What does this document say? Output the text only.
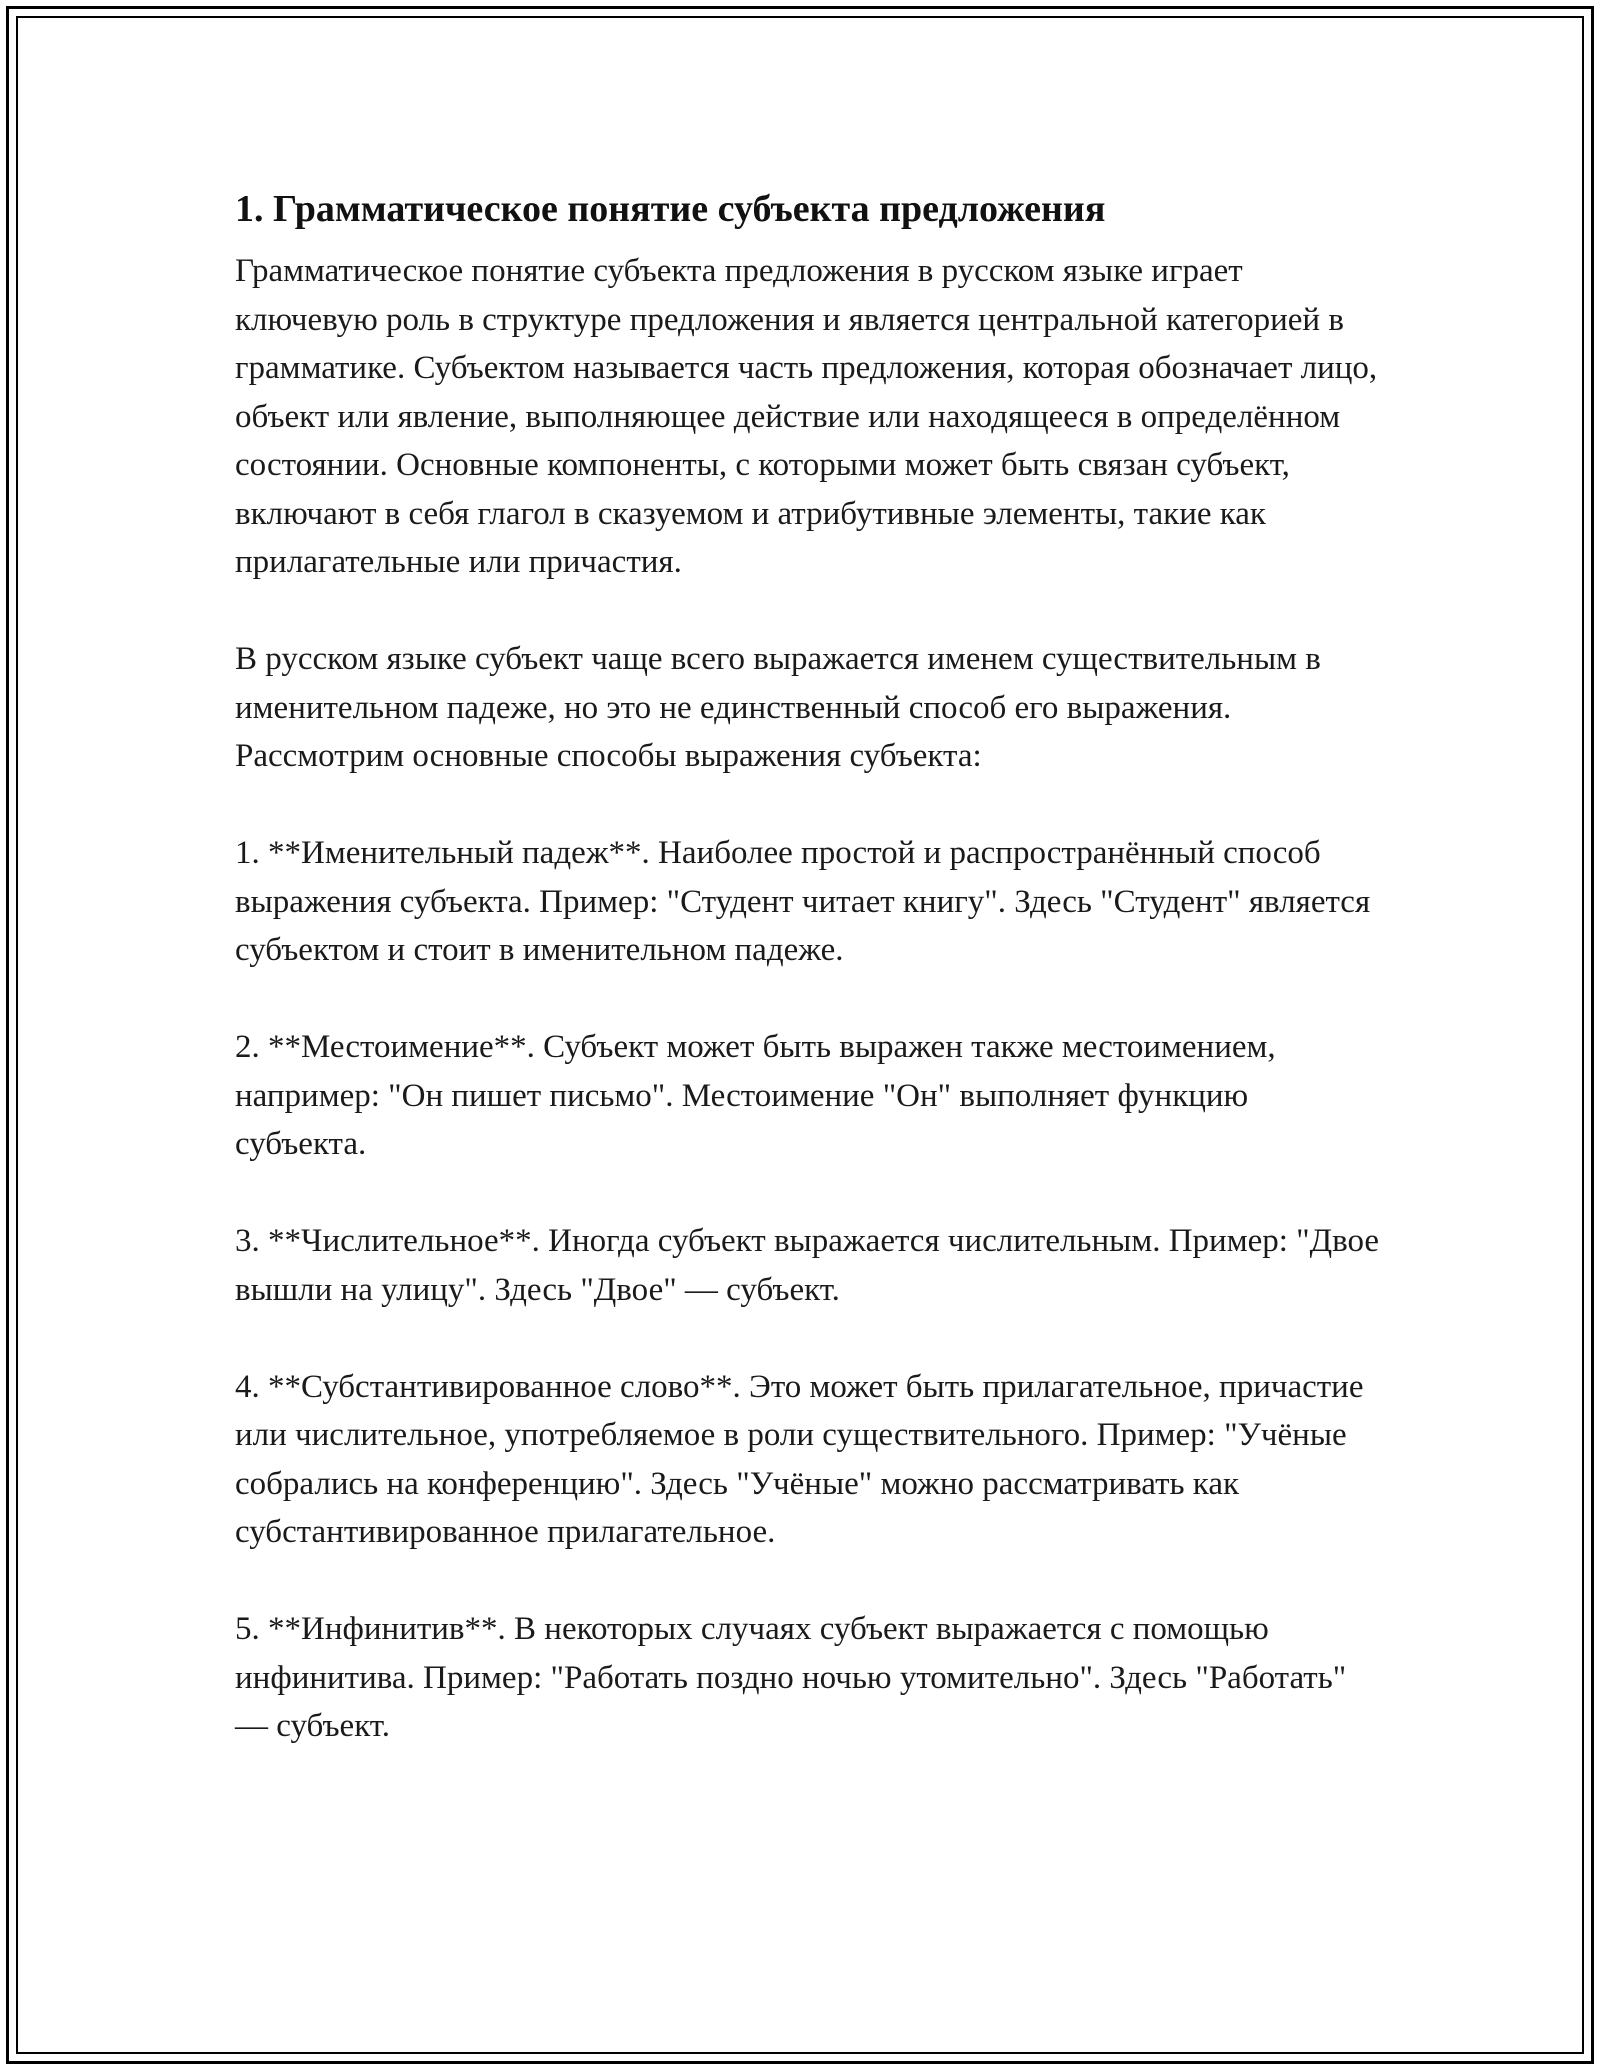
1. Грамматическое понятие субъекта предложения

Грамматическое понятие субъекта предложения в русском языке играет ключевую роль в структуре предложения и является центральной категорией в грамматике. Субъектом называется часть предложения, которая обозначает лицо, объект или явление, выполняющее действие или находящееся в определённом состоянии. Основные компоненты, с которыми может быть связан субъект, включают в себя глагол в сказуемом и атрибутивные элементы, такие как прилагательные или причастия.

В русском языке субъект чаще всего выражается именем существительным в именительном падеже, но это не единственный способ его выражения. Рассмотрим основные способы выражения субъекта:

1. **Именительный падеж**. Наиболее простой и распространённый способ выражения субъекта. Пример: "Студент читает книгу". Здесь "Студент" является субъектом и стоит в именительном падеже.

2. **Местоимение**. Субъект может быть выражен также местоимением, например: "Он пишет письмо". Местоимение "Он" выполняет функцию субъекта.

3. **Числительное**. Иногда субъект выражается числительным. Пример: "Двое вышли на улицу". Здесь "Двое" — субъект.

4. **Субстантивированное слово**. Это может быть прилагательное, причастие или числительное, употребляемое в роли существительного. Пример: "Учёные собрались на конференцию". Здесь "Учёные" можно рассматривать как субстантивированное прилагательное.

5. **Инфинитив**. В некоторых случаях субъект выражается с помощью инфинитива. Пример: "Работать поздно ночью утомительно". Здесь "Работать" — субъект.
